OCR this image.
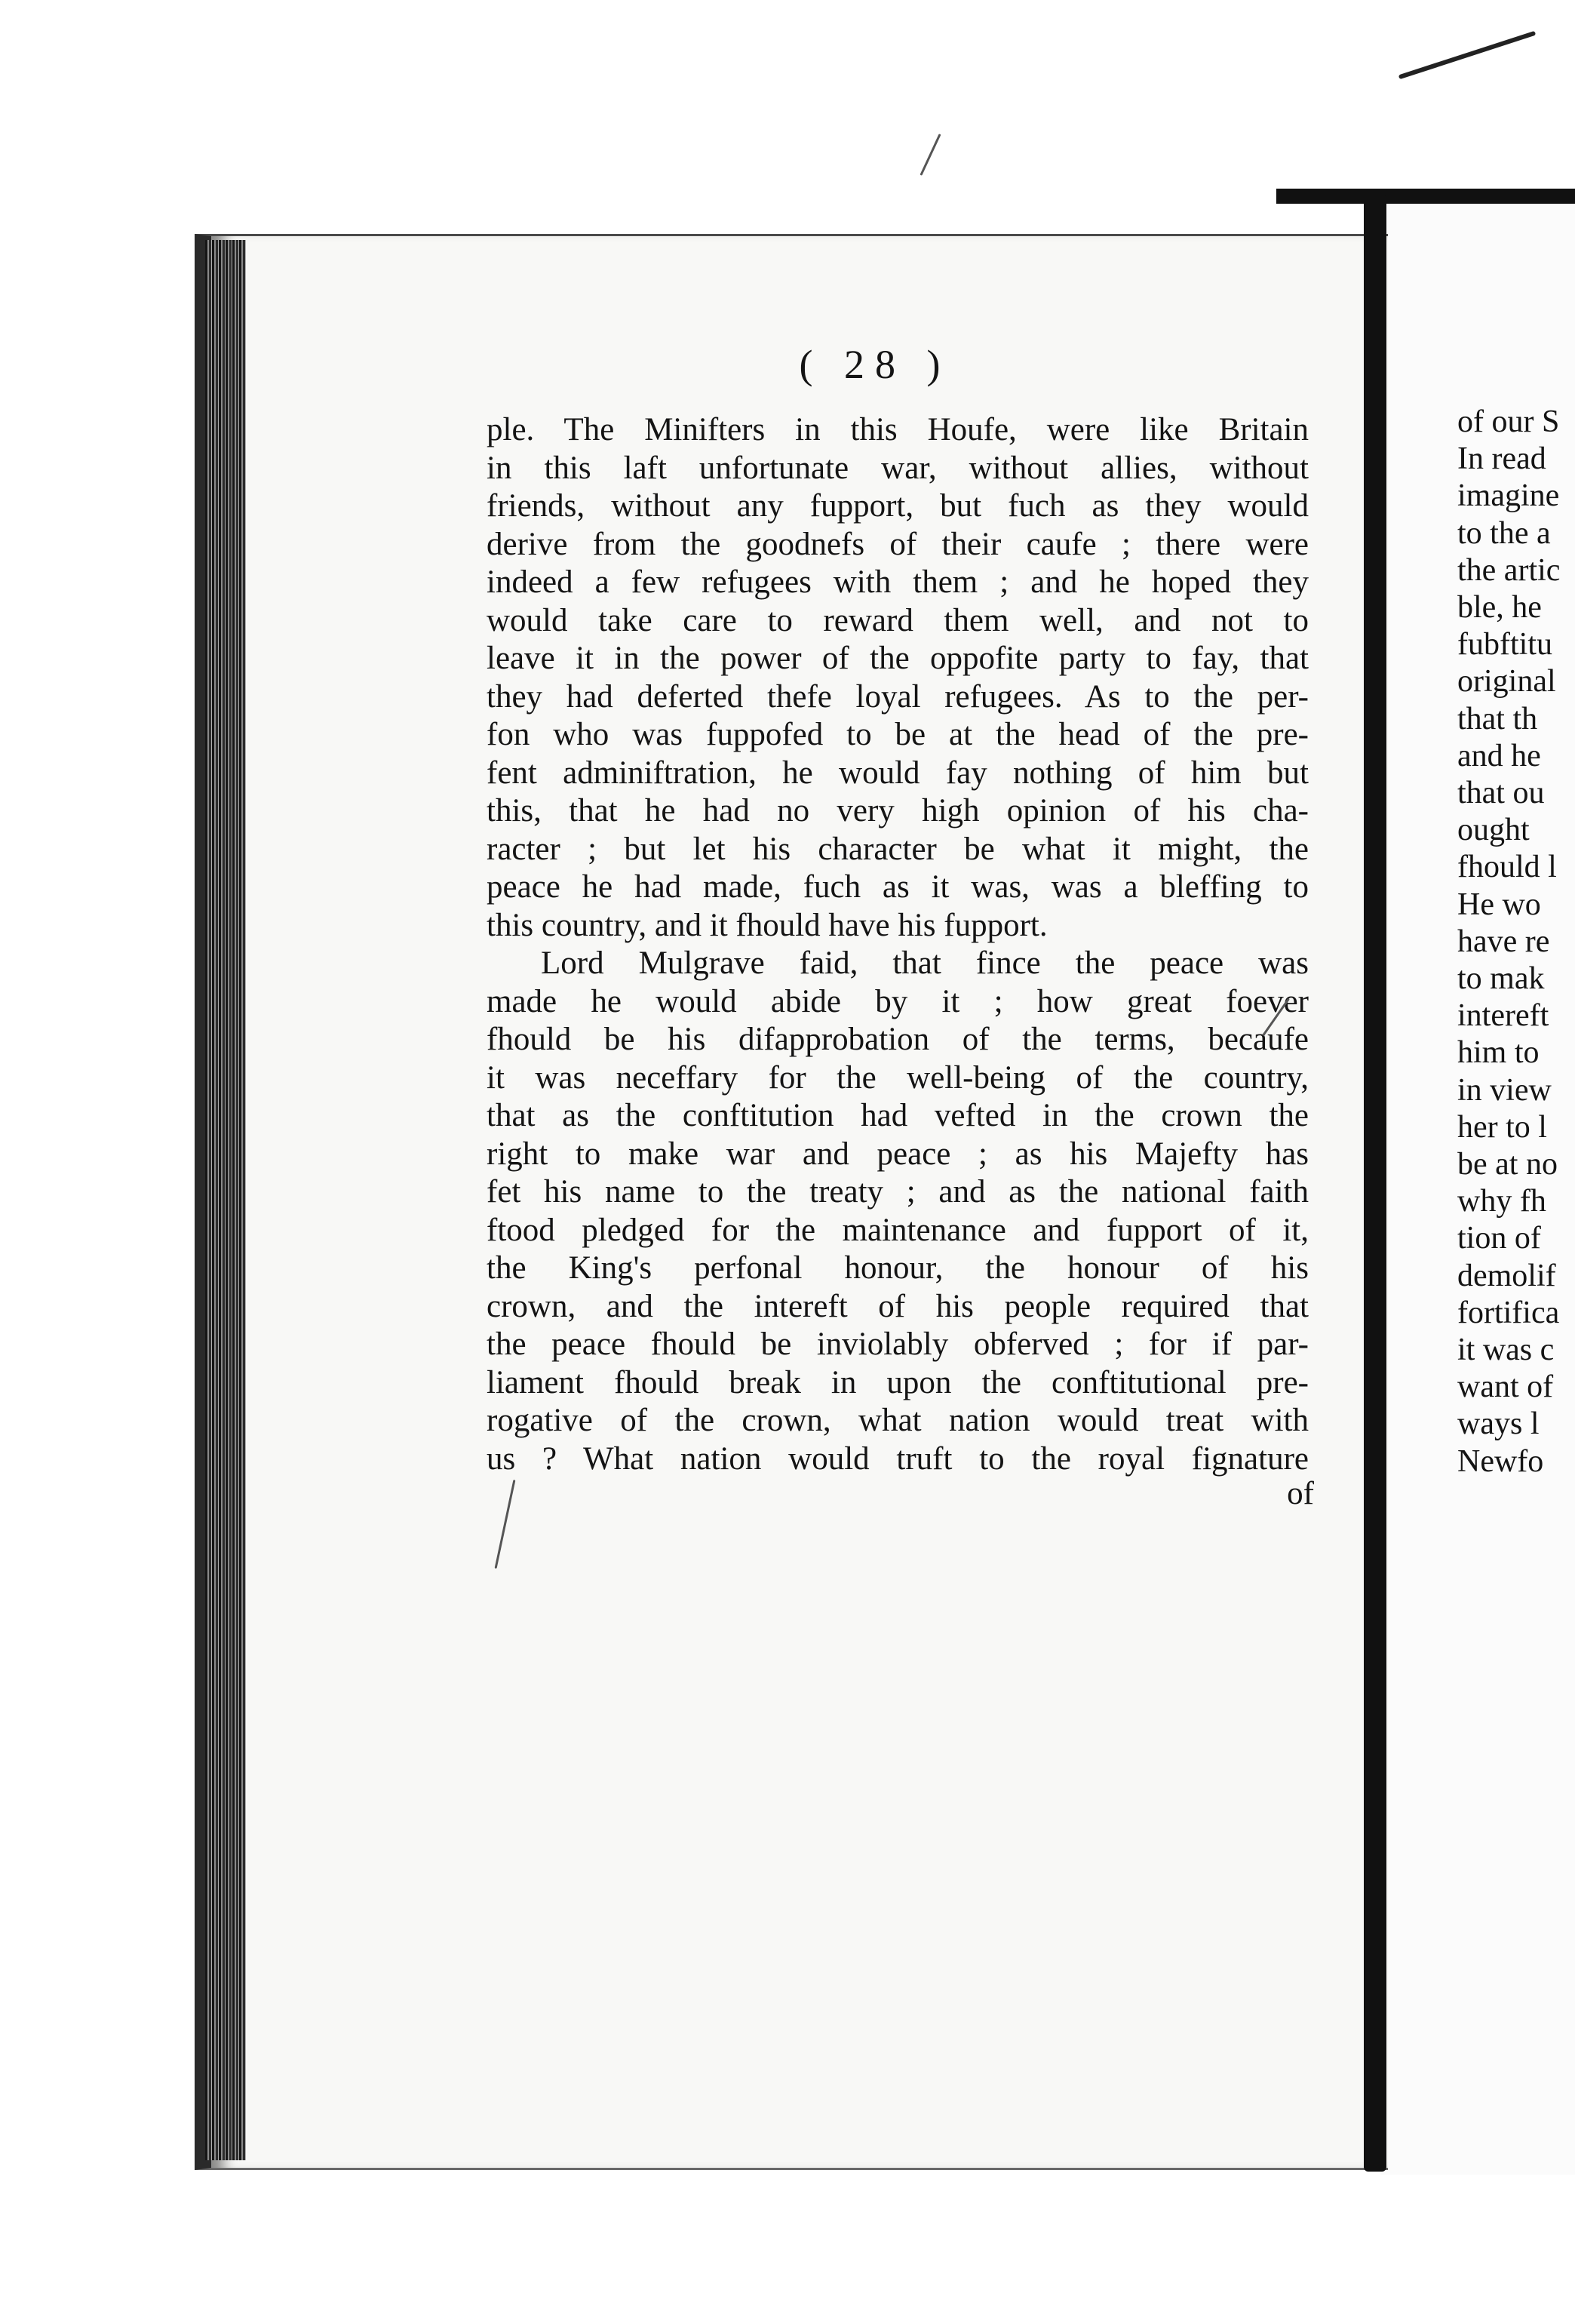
( 28 )
ple. The Minifters in this Houfe, were like Britain
in this laft unfortunate war, without allies, without
friends, without any fupport, but fuch as they would
derive from the goodnefs of their caufe ; there were
indeed a few refugees with them ; and he hoped they
would take care to reward them well, and not to
leave it in the power of the oppofite party to fay, that
they had deferted thefe loyal refugees. As to the per-
fon who was fuppofed to be at the head of the pre-
fent adminiftration, he would fay nothing of him but
this, that he had no very high opinion of his cha-
racter ; but let his character be what it might, the
peace he had made, fuch as it was, was a bleffing to
this country, and it fhould have his fupport.
Lord Mulgrave faid, that fince the peace was
made he would abide by it ; how great foever
fhould be his difapprobation of the terms, becaufe
it was neceffary for the well-being of the country,
that as the conftitution had vefted in the crown the
right to make war and peace ; as his Majefty has
fet his name to the treaty ; and as the national faith
ftood pledged for the maintenance and fupport of it,
the King's perfonal honour, the honour of his
crown, and the intereft of his people required that
the peace fhould be inviolably obferved ; for if par-
liament fhould break in upon the conftitutional pre-
rogative of the crown, what nation would treat with
us ? What nation would truft to the royal fignature
of
of our S
In read
imagine
to the a
the artic
ble, he
fubftitu
original
that th
and he
that ou
ought
fhould l
He wo
have re
to mak
intereft
him to
in view
her to l
be at no
why fh
tion of
demolif
fortifica
it was c
want of
ways l
Newfo
